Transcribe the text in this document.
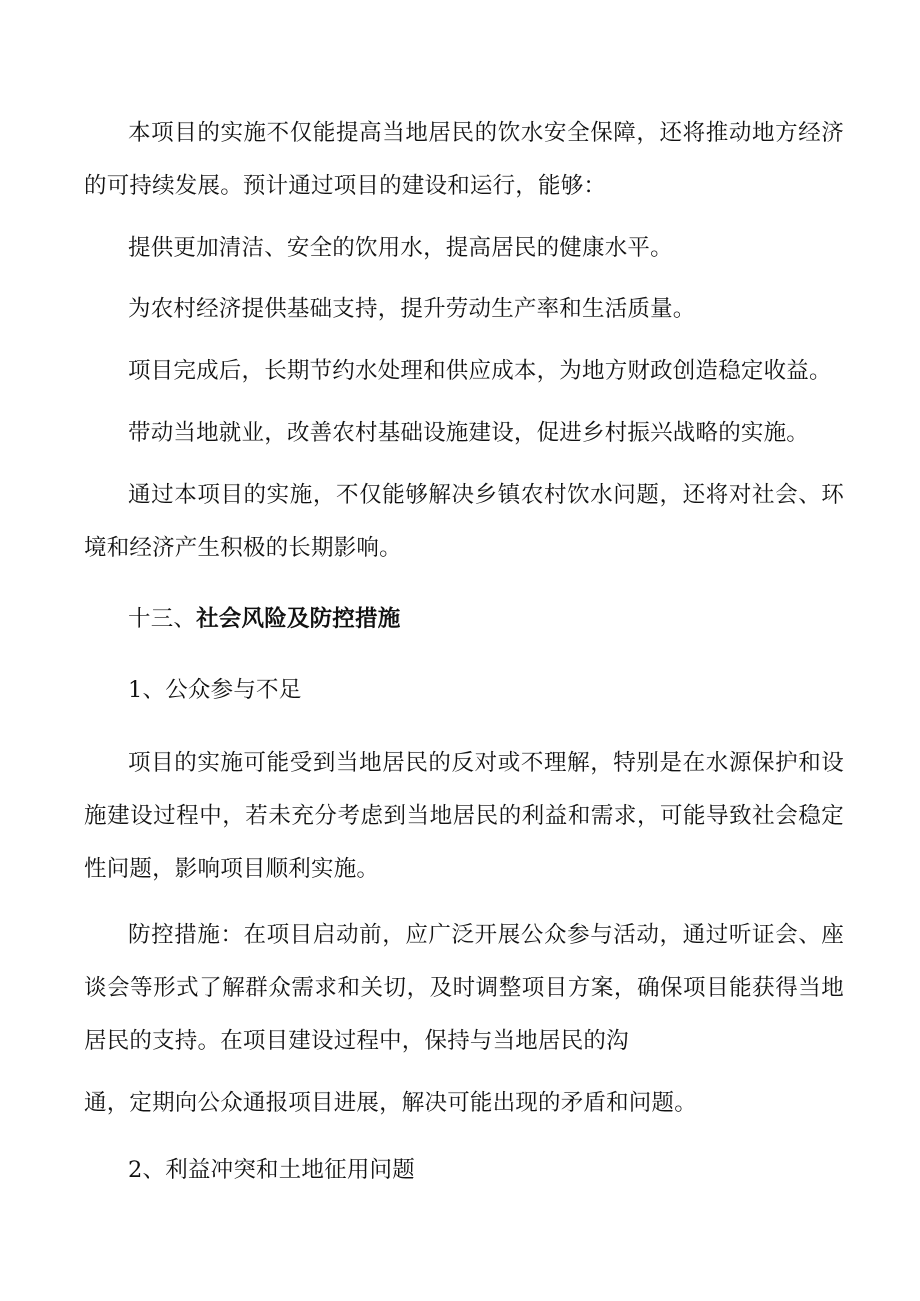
本项目的实施不仅能提高当地居民的饮水安全保障，还将推动地方经济
的可持续发展。预计通过项目的建设和运行，能够：
提供更加清洁、安全的饮用水，提高居民的健康水平。
为农村经济提供基础支持，提升劳动生产率和生活质量。
项目完成后，长期节约水处理和供应成本，为地方财政创造稳定收益。
带动当地就业，改善农村基础设施建设，促进乡村振兴战略的实施。
通过本项目的实施，不仅能够解决乡镇农村饮水问题，还将对社会、环
境和经济产生积极的长期影响。
十三、社会风险及防控措施
1、公众参与不足
项目的实施可能受到当地居民的反对或不理解，特别是在水源保护和设
施建设过程中，若未充分考虑到当地居民的利益和需求，可能导致社会稳定
性问题，影响项目顺利实施。
防控措施：在项目启动前，应广泛开展公众参与活动，通过听证会、座
谈会等形式了解群众需求和关切，及时调整项目方案，确保项目能获得当地
居民的支持。在项目建设过程中，保持与当地居民的沟
通，定期向公众通报项目进展，解决可能出现的矛盾和问题。
2、利益冲突和土地征用问题
